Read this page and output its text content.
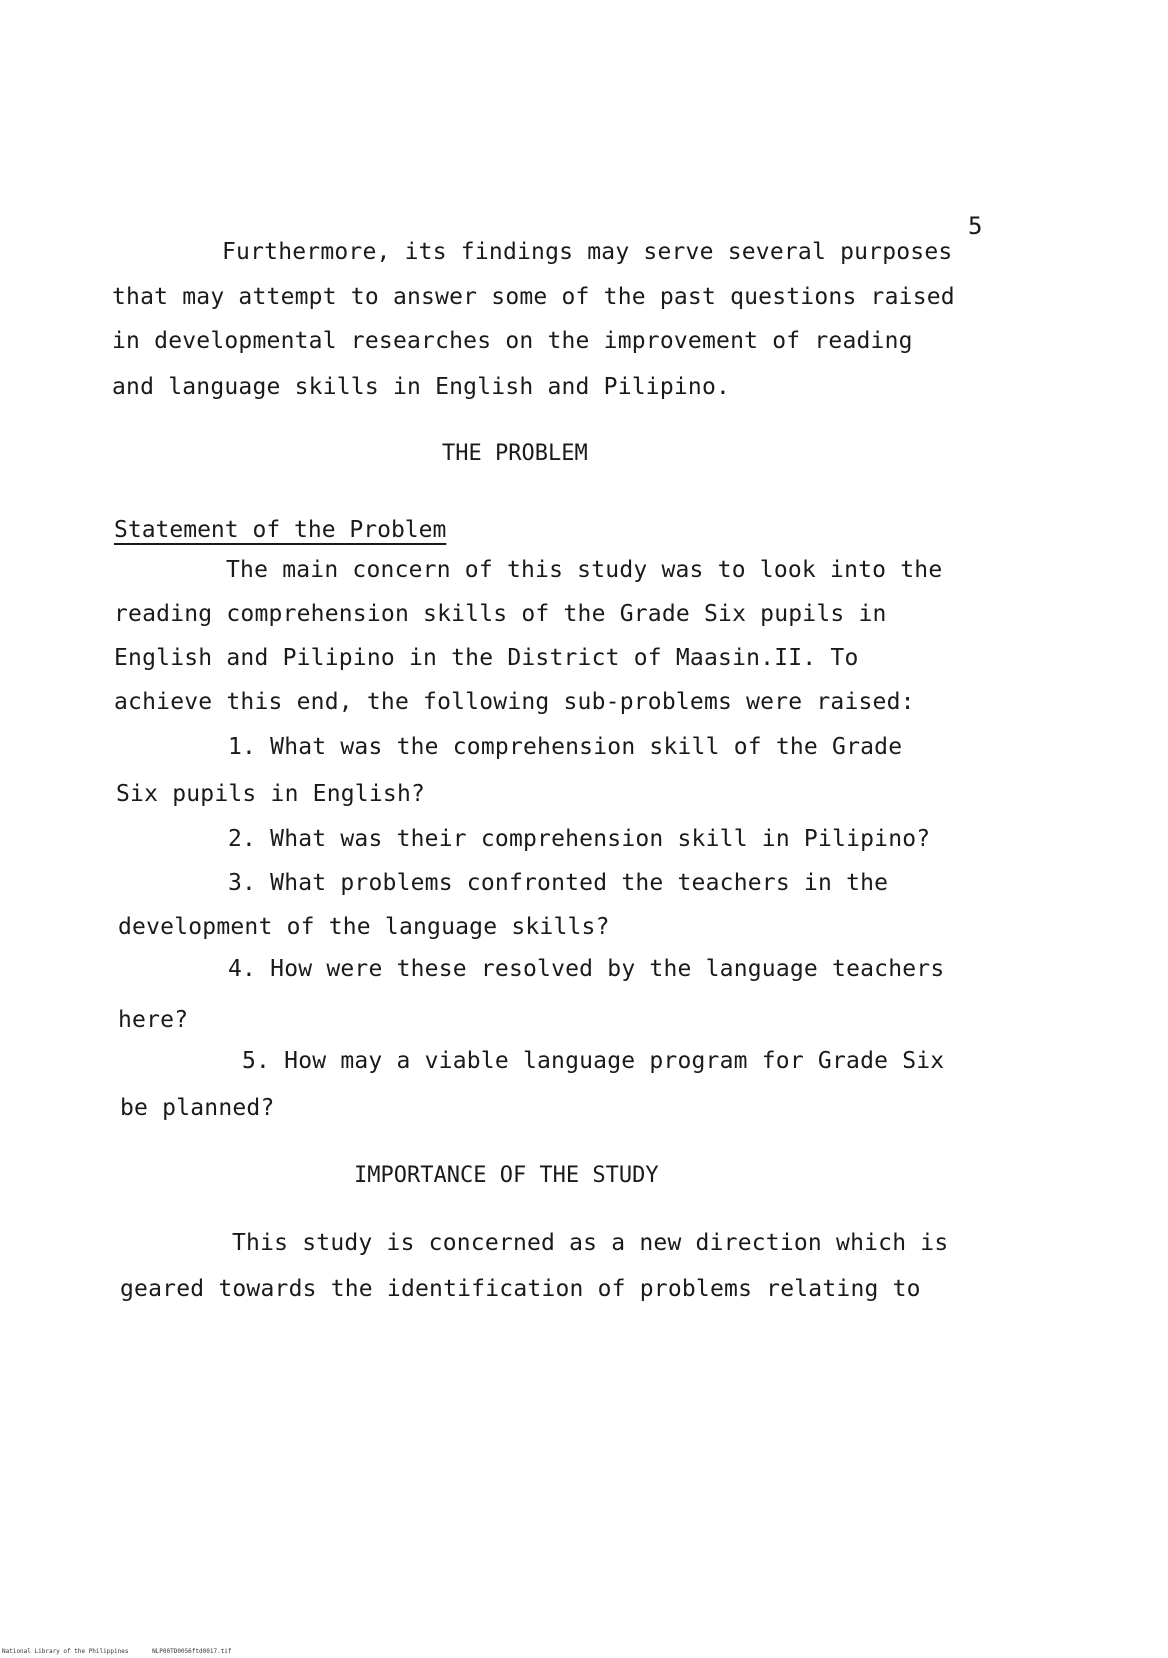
5
Furthermore, its findings may serve several purposes
that may attempt to answer some of the past questions raised
in developmental researches on the improvement of reading
and language skills in English and Pilipino.
THE PROBLEM
Statement of the Problem
The main concern of this study was to look into the
reading comprehension skills of the Grade Six pupils in
English and Pilipino in the District of Maasin.II. To
achieve this end, the following sub-problems were raised:
1. What was the comprehension skill of the Grade
Six pupils in English?
2. What was their comprehension skill in Pilipino?
3. What problems confronted the teachers in the
development of the language skills?
4. How were these resolved by the language teachers
here?
5. How may a viable language program for Grade Six
be planned?
IMPORTANCE OF THE STUDY
This study is concerned as a new direction which is
geared towards the identification of problems relating to
National Library of the Philippines	NLP00TD0056ftd0017.tif
